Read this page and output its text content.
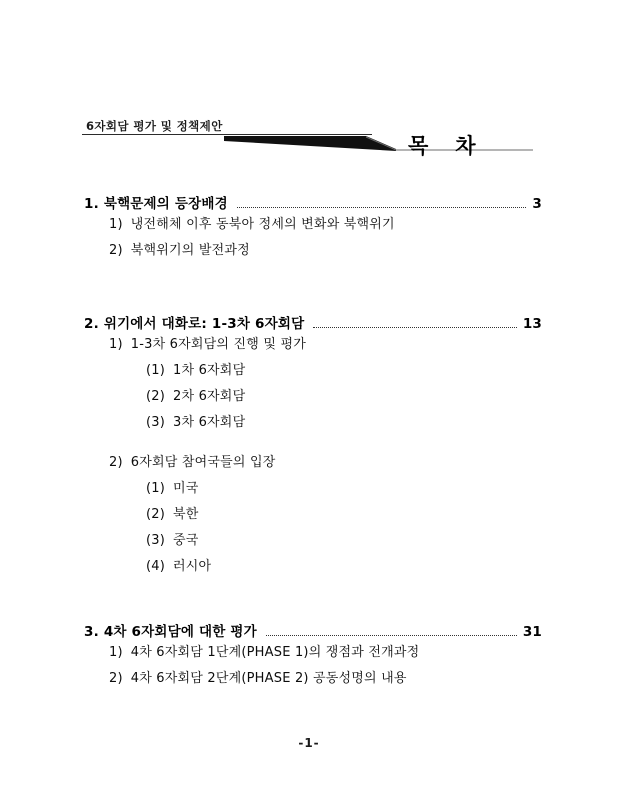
6자회담 평가 및 정책제안
목 차
1. 북핵문제의 등장배경	3
1) 냉전해체 이후 동북아 정세의 변화와 북핵위기
2) 북핵위기의 발전과정
2. 위기에서 대화로: 1-3차 6자회담	13
1) 1-3차 6자회담의 진행 및 평가
(1) 1차 6자회담
(2) 2차 6자회담
(3) 3차 6자회담
2) 6자회담 참여국들의 입장
(1) 미국
(2) 북한
(3) 중국
(4) 러시아
3. 4차 6자회담에 대한 평가	31
1) 4차 6자회담 1단계(PHASE 1)의 쟁점과 전개과정
2) 4차 6자회담 2단계(PHASE 2) 공동성명의 내용
-1-
